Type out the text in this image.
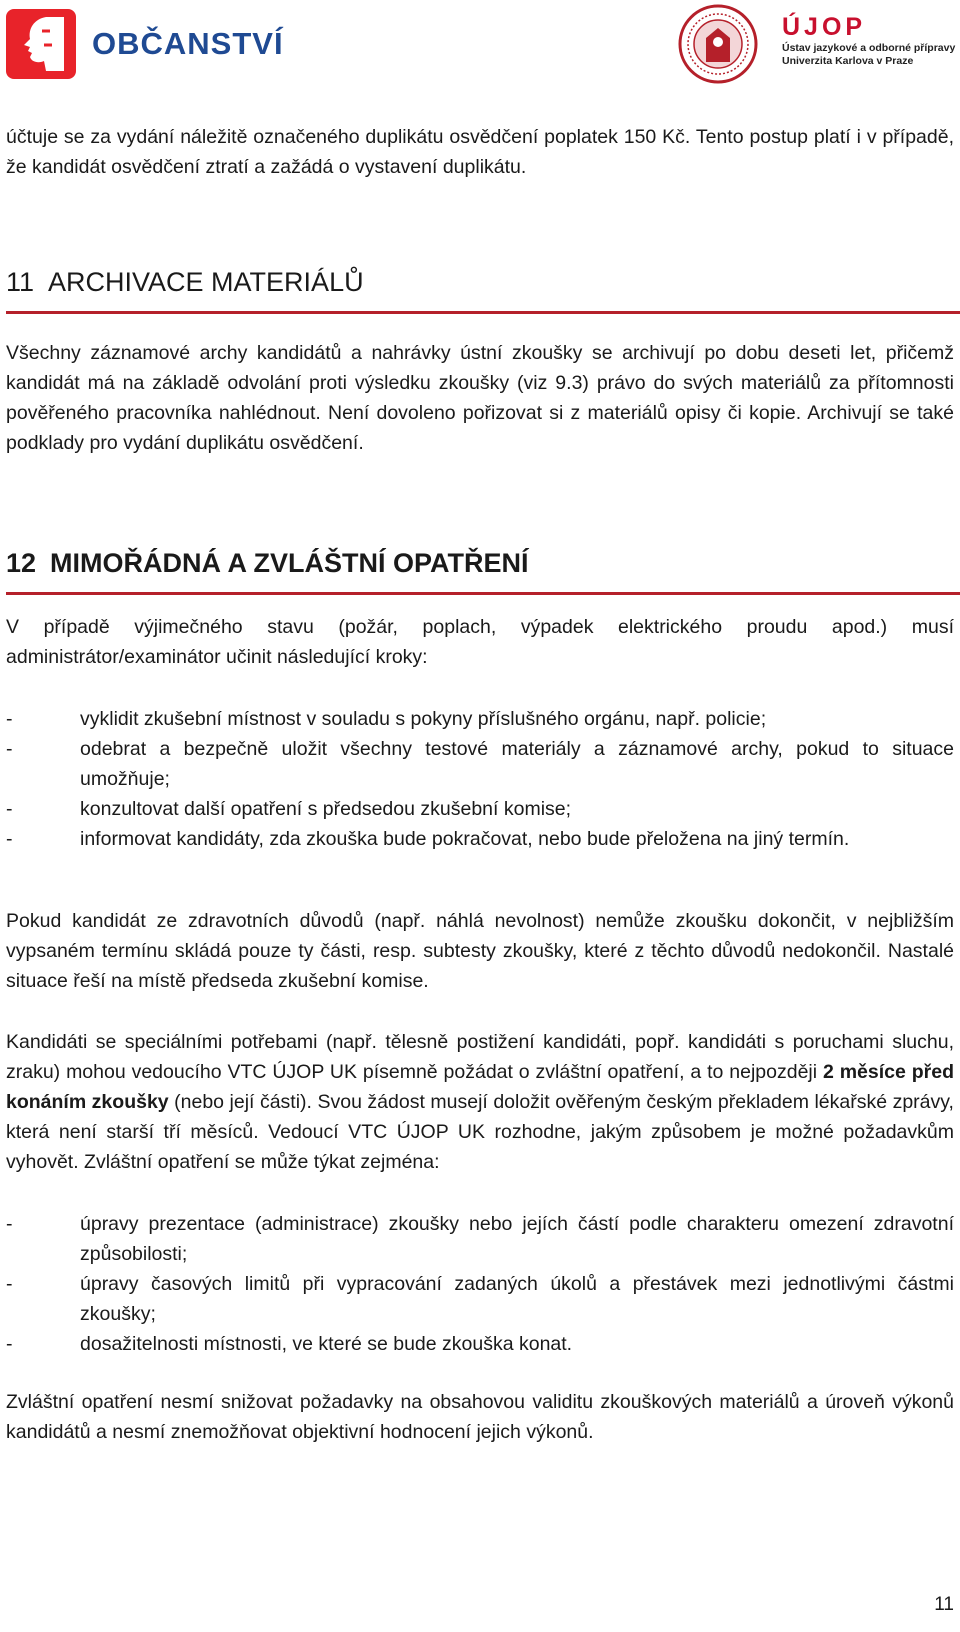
OBČANSTVÍ	ÚJOP
Ústav jazykové a odborné přípravy
Univerzita Karlova v Praze
účtuje se za vydání náležitě označeného duplikátu osvědčení poplatek 150 Kč. Tento postup platí i v případě, že kandidát osvědčení ztratí a zažádá o vystavení duplikátu.
11 ARCHIVACE MATERIÁLŮ
Všechny záznamové archy kandidátů a nahrávky ústní zkoušky se archivují po dobu deseti let, přičemž kandidát má na základě odvolání proti výsledku zkoušky (viz 9.3) právo do svých materiálů za přítomnosti pověřeného pracovníka nahlédnout. Není dovoleno pořizovat si z materiálů opisy či kopie. Archivují se také podklady pro vydání duplikátu osvědčení.
12 MIMOŘÁDNÁ A ZVLÁŠTNÍ OPATŘENÍ
V případě výjimečného stavu (požár, poplach, výpadek elektrického proudu apod.) musí administrátor/examinátor učinit následující kroky:
-	vyklidit zkušební místnost v souladu s pokyny příslušného orgánu, např. policie;
-	odebrat a bezpečně uložit všechny testové materiály a záznamové archy, pokud to situace umožňuje;
-	konzultovat další opatření s předsedou zkušební komise;
-	informovat kandidáty, zda zkouška bude pokračovat, nebo bude přeložena na jiný termín.
Pokud kandidát ze zdravotních důvodů (např. náhlá nevolnost) nemůže zkoušku dokončit, v nejbližším vypsaném termínu skládá pouze ty části, resp. subtesty zkoušky, které z těchto důvodů nedokončil. Nastalé situace řeší na místě předseda zkušební komise.
Kandidáti se speciálními potřebami (např. tělesně postižení kandidáti, popř. kandidáti s poruchami sluchu, zraku) mohou vedoucího VTC ÚJOP UK písemně požádat o zvláštní opatření, a to nejpozději 2 měsíce před konáním zkoušky (nebo její části). Svou žádost musejí doložit ověřeným českým překladem lékařské zprávy, která není starší tří měsíců. Vedoucí VTC ÚJOP UK rozhodne, jakým způsobem je možné požadavkům vyhovět. Zvláštní opatření se může týkat zejména:
-	úpravy prezentace (administrace) zkoušky nebo jejích částí podle charakteru omezení zdravotní způsobilosti;
-	úpravy časových limitů při vypracování zadaných úkolů a přestávek mezi jednotlivými částmi zkoušky;
-	dosažitelnosti místnosti, ve které se bude zkouška konat.
Zvláštní opatření nesmí snižovat požadavky na obsahovou validitu zkouškových materiálů a úroveň výkonů kandidátů a nesmí znemožňovat objektivní hodnocení jejich výkonů.
11
